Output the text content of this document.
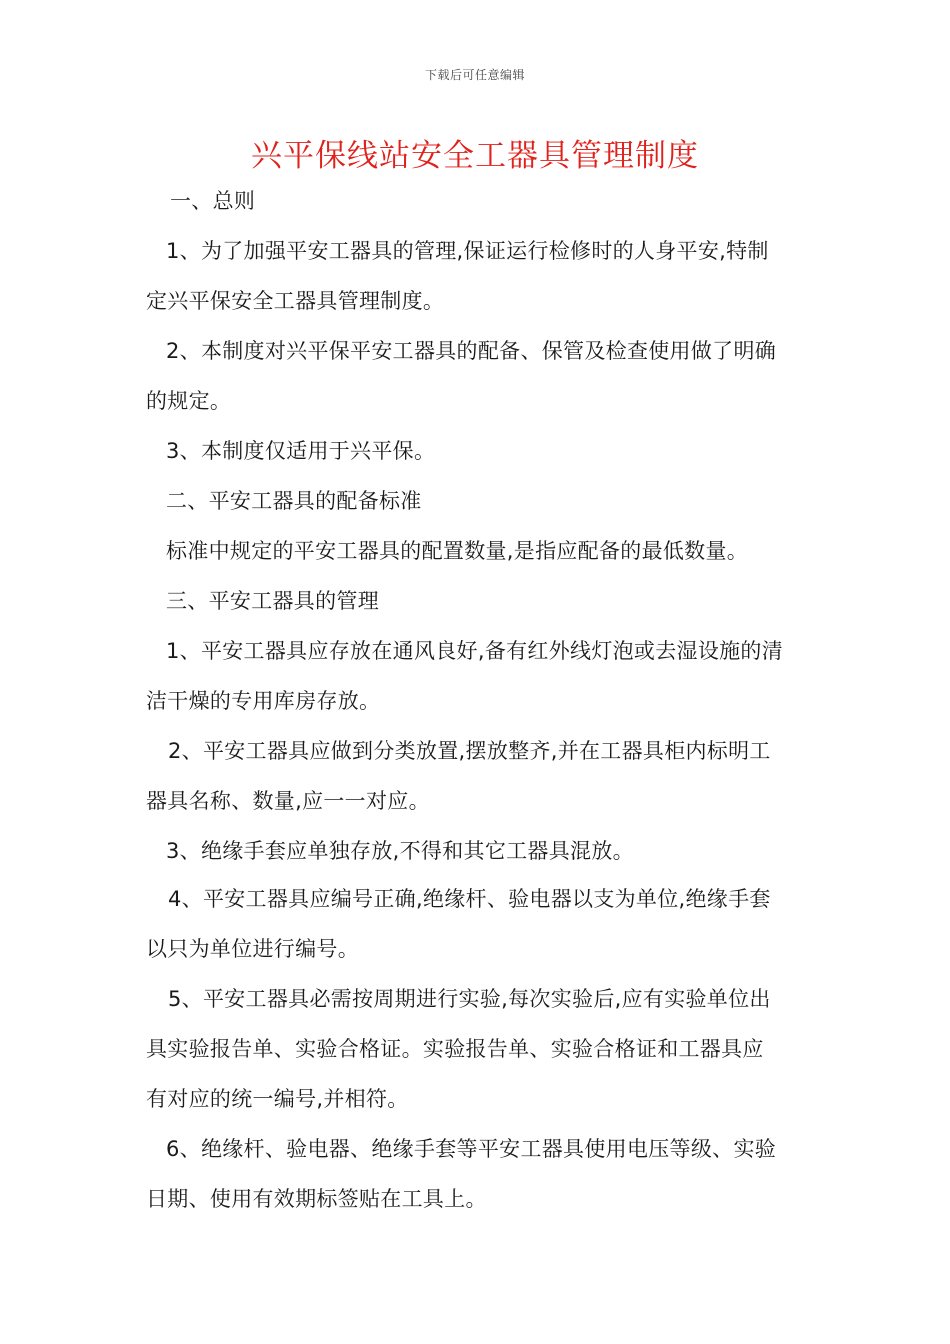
下载后可任意编辑
兴平保线站安全工器具管理制度
一、总则
1、为了加强平安工器具的管理,保证运行检修时的人身平安,特制
定兴平保安全工器具管理制度。
2、本制度对兴平保平安工器具的配备、保管及检查使用做了明确
的规定。
3、本制度仅适用于兴平保。
二、平安工器具的配备标准
标准中规定的平安工器具的配置数量,是指应配备的最低数量。
三、平安工器具的管理
1、平安工器具应存放在通风良好,备有红外线灯泡或去湿设施的清
洁干燥的专用库房存放。
2、平安工器具应做到分类放置,摆放整齐,并在工器具柜内标明工
器具名称、数量,应一一对应。
3、绝缘手套应单独存放,不得和其它工器具混放。
4、平安工器具应编号正确,绝缘杆、验电器以支为单位,绝缘手套
以只为单位进行编号。
5、平安工器具必需按周期进行实验,每次实验后,应有实验单位出
具实验报告单、实验合格证。实验报告单、实验合格证和工器具应
有对应的统一编号,并相符。
6、绝缘杆、验电器、绝缘手套等平安工器具使用电压等级、实验
日期、使用有效期标签贴在工具上。
